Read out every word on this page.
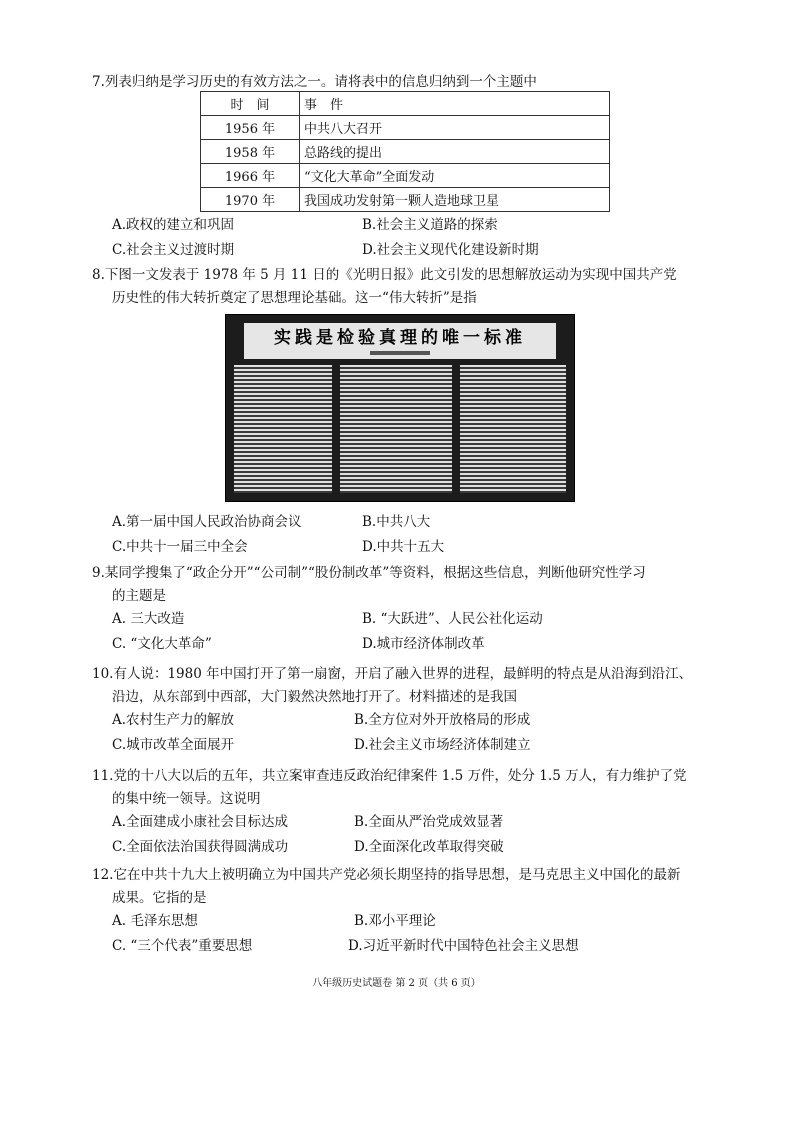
7.列表归纳是学习历史的有效方法之一。请将表中的信息归纳到一个主题中
时　间	事　件
1956 年	中共八大召开
1958 年	总路线的提出
1966 年	“文化大革命”全面发动
1970 年	我国成功发射第一颗人造地球卫星
A.政权的建立和巩固	B.社会主义道路的探索
C.社会主义过渡时期	D.社会主义现代化建设新时期
8.下图一文发表于 1978 年 5 月 11 日的《光明日报》此文引发的思想解放运动为实现中国共产党
历史性的伟大转折奠定了思想理论基础。这一“伟大转折”是指
实践是检验真理的唯一标准
A.第一届中国人民政治协商会议	B.中共八大
C.中共十一届三中全会	D.中共十五大
9.某同学搜集了“政企分开”“公司制”“股份制改革”等资料，根据这些信息，判断他研究性学习
的主题是
A. 三大改造	B. “大跃进”、人民公社化运动
C. “文化大革命”	D.城市经济体制改革
10.有人说：1980 年中国打开了第一扇窗，开启了融入世界的进程，最鲜明的特点是从沿海到沿江、
沿边，从东部到中西部，大门毅然决然地打开了。材料描述的是我国
A.农村生产力的解放	B.全方位对外开放格局的形成
C.城市改革全面展开	D.社会主义市场经济体制建立
11.党的十八大以后的五年，共立案审查违反政治纪律案件 1.5 万件，处分 1.5 万人，有力维护了党
的集中统一领导。这说明
A.全面建成小康社会目标达成	B.全面从严治党成效显著
C.全面依法治国获得圆满成功	D.全面深化改革取得突破
12.它在中共十九大上被明确立为中国共产党必须长期坚持的指导思想，是马克思主义中国化的最新
成果。它指的是
A. 毛泽东思想	B.邓小平理论
C. “三个代表”重要思想	D.习近平新时代中国特色社会主义思想
八年级历史试题卷 第 2 页（共 6 页）
